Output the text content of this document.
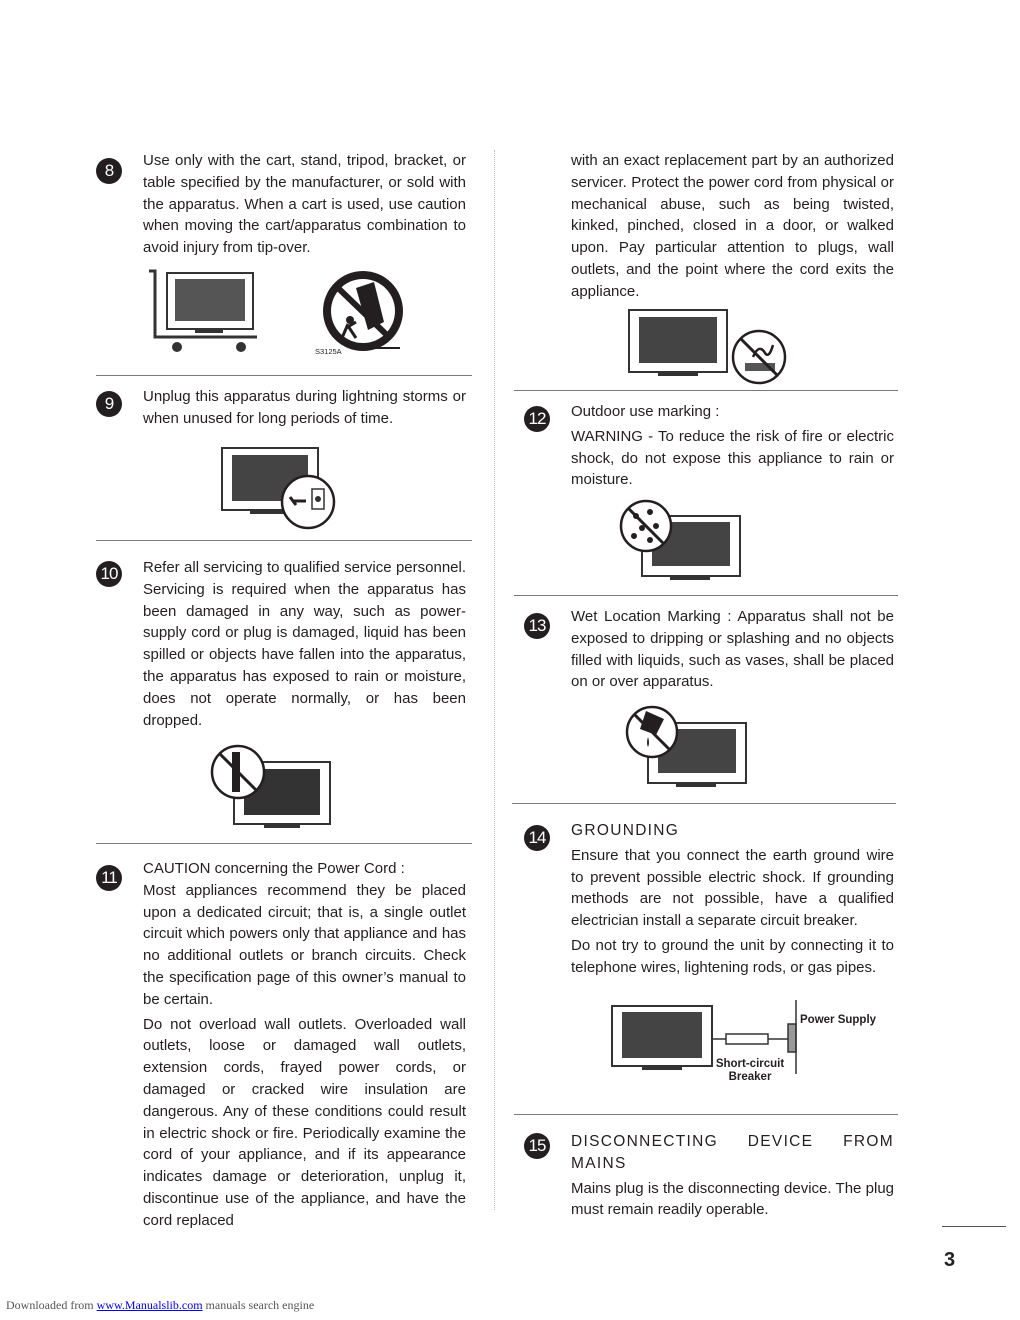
8

Use only with the cart, stand, tripod, bracket, or table specified by the manufacturer, or sold with the apparatus. When a cart is used, use caution when moving the cart/apparatus combination to avoid injury from tip-over.

S3125A
9	Unplug this apparatus during lightning storms or when unused for long periods of time.

10	Refer all servicing to qualified service personnel. Servicing is required when the apparatus has been damaged in any way, such as power-supply cord or plug is damaged, liquid has been spilled or objects have fallen into the apparatus, the apparatus has exposed to rain or moisture, does not operate normally, or has been dropped.

11	CAUTION concerning the Power Cord :

Most appliances recommend they be placed upon a dedicated circuit; that is, a single outlet circuit which powers only that appliance and has no additional outlets or branch circuits. Check the specification page of this owner’s manual to be certain.

Do not overload wall outlets. Overloaded wall outlets, loose or damaged wall outlets, extension cords, frayed power cords, or damaged or cracked wire insulation are dangerous. Any of these conditions could result in electric shock or fire. Periodically examine the cord of your appliance, and if its appearance indicates damage or deterioration, unplug it, discontinue use of the appliance, and have the cord replaced

with an exact replacement part by an authorized servicer. Protect the power cord from physical or mechanical abuse, such as being twisted, kinked, pinched, closed in a door, or walked upon. Pay particular attention to plugs, wall outlets, and the point where the cord exits the appliance.

12	Outdoor use marking :

WARNING - To reduce the risk of fire or electric shock, do not expose this appliance to rain or moisture.

13	Wet Location Marking : Apparatus shall not be exposed to dripping or splashing and no objects filled with liquids, such as vases, shall be placed on or over apparatus.

14 GROUNDING

Ensure that you connect the earth ground wire to prevent possible electric shock. If grounding methods are not possible, have a qualified electrician install a separate circuit breaker.

Do not try to ground the unit by connecting it to telephone wires, lightening rods, or gas pipes.

Power Supply
Short-circuit Breaker
15 DISCONNECTING DEVICE FROM MAINS

Mains plug is the disconnecting device. The plug must remain readily operable.

3
Downloaded from www.Manualslib.com manuals search engine
